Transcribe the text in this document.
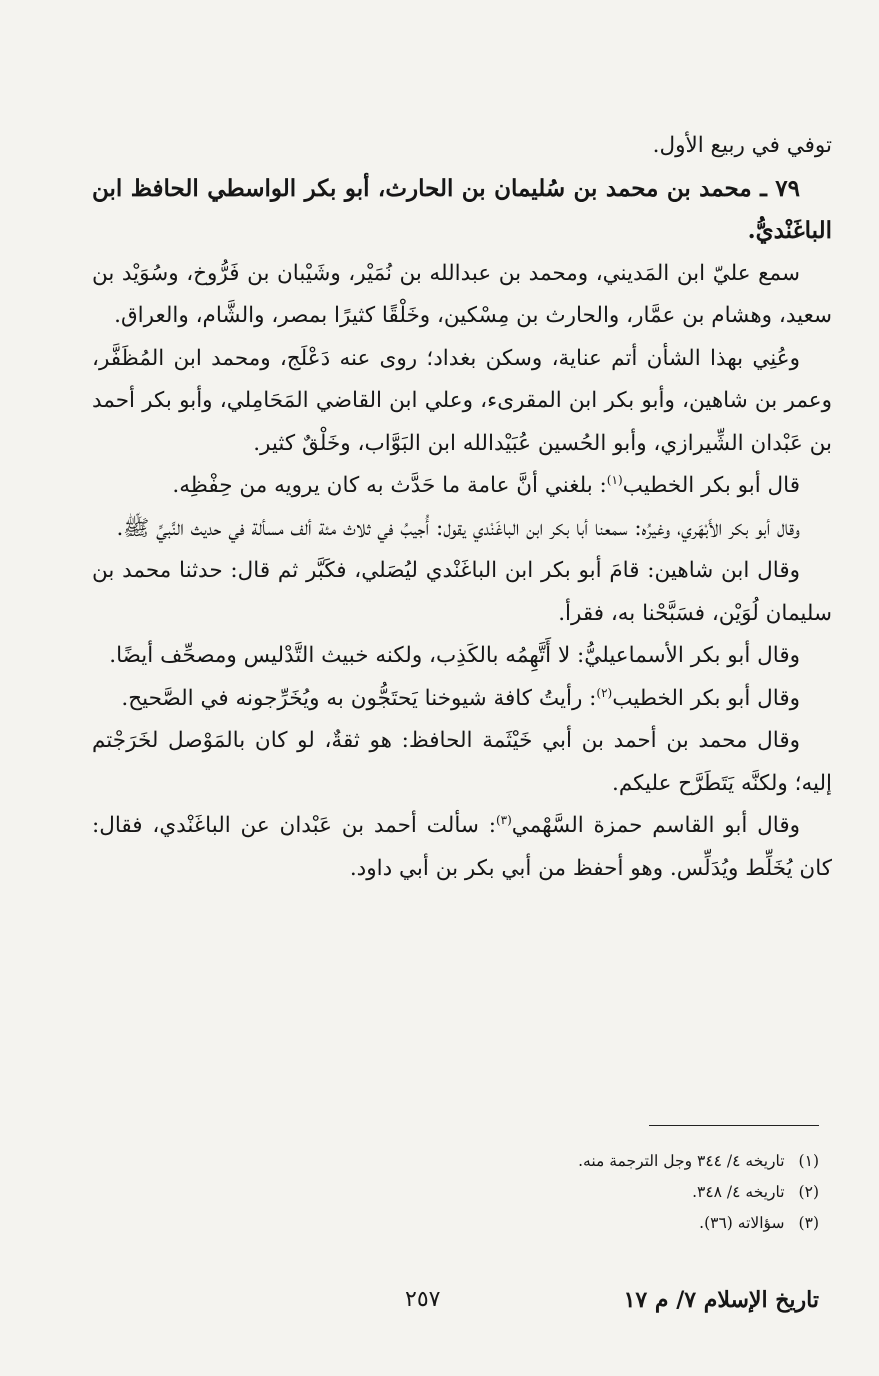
توفي في ربيع الأول.

٧٩ ـ محمد بن محمد بن سُليمان بن الحارث، أبو بكر الواسطي الحافظ ابن الباغَنْديُّ.

سمع عليّ ابن المَديني، ومحمد بن عبدالله بن نُمَيْر، وشَيْبان بن فَرُّوخ، وسُوَيْد بن سعيد، وهشام بن عمَّار، والحارث بن مِسْكين، وخَلْقًا كثيرًا بمصر، والشَّام، والعراق.

وعُنِي بهذا الشأن أتم عناية، وسكن بغداد؛ روى عنه دَعْلَج، ومحمد ابن المُظَفَّر، وعمر بن شاهين، وأبو بكر ابن المقرىء، وعلي ابن القاضي المَحَامِلي، وأبو بكر أحمد بن عَبْدان الشِّيرازي، وأبو الحُسين عُبَيْدالله ابن البَوَّاب، وخَلْقٌ كثير.

قال أبو بكر الخطيب$^{(١)}$: بلغني أنَّ عامة ما حَدَّث به كان يرويه من حِفْظِه.

وقال أبو بكر الأَبْهَري، وغيرُه: سمعنا أبا بكر ابن الباغَنْدي يقول: أُجيبُ في ثلاث مئة ألف مسألة في حديث النَّبيِّ ﷺ.

وقال ابن شاهين: قامَ أبو بكر ابن الباغَنْدي ليُصَلي، فكَبَّر ثم قال: حدثنا محمد بن سليمان لُوَيْن، فسَبَّحْنا به، فقرأ.

وقال أبو بكر الأسماعيليُّ: لا أَتَّهِمُه بالكَذِب، ولكنه خبيث التَّدْليس ومصحِّف أيضًا.

وقال أبو بكر الخطيب$^{(٢)}$: رأيتُ كافة شيوخنا يَحتَجُّون به ويُخَرِّجونه في الصَّحيح.

وقال محمد بن أحمد بن أبي خَيْثَمة الحافظ: هو ثقةٌ، لو كان بالمَوْصل لخَرَجْتم إليه؛ ولكنَّه يَتَطَرَّح عليكم.

وقال أبو القاسم حمزة السَّهْمي$^{(٣)}$: سألت أحمد بن عَبْدان عن الباغَنْدي، فقال: كان يُخَلِّط ويُدَلِّس. وهو أحفظ من أبي بكر بن أبي داود.

(١)تاريخه ٤/ ٣٤٤ وجل الترجمة منه.
(٢)تاريخه ٤/ ٣٤٨.
(٣)سؤالاته (٣٦).
تاريخ الإسلام ٧/ م ١٧
٢٥٧
